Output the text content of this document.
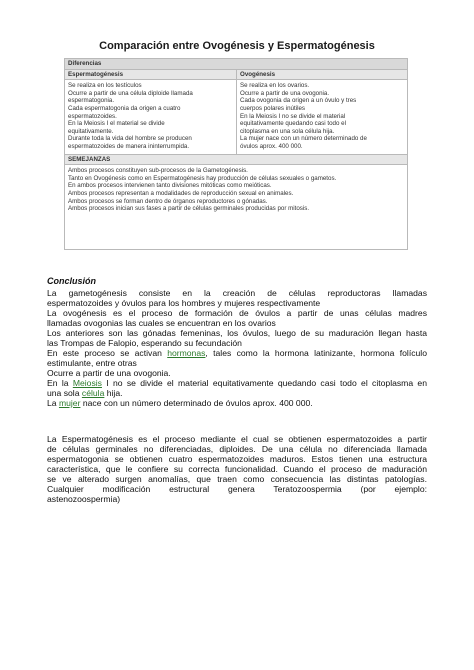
Comparación entre Ovogénesis y Espermatogénesis
Diferencias
Espermatogénesis
Se realiza en los testículos
Ocurre a partir de una célula diploide llamada
espermatogonia.
Cada espermatogonia da origen a cuatro
espermatozoides.
En la Meiosis I el material se divide
equitativamente.
Durante toda la vida del hombre se producen
espermatozoides de manera ininterrumpida.
Ovogénesis
Se realiza en los ovarios.
Ocurre a partir de una ovogonia.
Cada ovogonia da origen a un óvulo y tres
cuerpos polares inútiles
En la Meiosis I no se divide el material
equitativamente quedando casi todo el
citoplasma en una sola célula hija.
La mujer nace con un número determinado de
óvulos aprox. 400 000.
SEMEJANZAS
Ambos procesos constituyen sub-procesos de la Gametogénesis.
Tanto en Ovogénesis como en Espermatogénesis hay producción de células sexuales o gametos.
En ambos procesos intervienen tanto divisiones mitóticas como meióticas.
Ambos procesos representan a modalidades de reproducción sexual en animales.
Ambos procesos se forman dentro de órganos reproductores o gónadas.
Ambos procesos inician sus fases a partir de células germinales producidas por mitosis.
Conclusión

La gametogénesis consiste en la creación de células reproductoras llamadas

espermatozoides y óvulos para los hombres y mujeres respectivamente

La ovogénesis es el proceso de formación de óvulos a partir de unas células madres

llamadas ovogonias las cuales se encuentran en los ovarios

Los anteriores son las gónadas femeninas, los óvulos, luego de su maduración llegan hasta

las Trompas de Falopio, esperando su fecundación

En este proceso se activan hormonas, tales como la hormona latinizante, hormona folículo

estimulante, entre otras

Ocurre a partir de una ovogonia.

En la Meiosis I no se divide el material equitativamente quedando casi todo el citoplasma en

una sola célula hija.

La mujer nace con un número determinado de óvulos aprox. 400 000.

La Espermatogénesis es el proceso mediante el cual se obtienen espermatozoides a partir

de células germinales no diferenciadas, diploides. De una célula no diferenciada llamada

espermatogonia se obtienen cuatro espermatozoides maduros. Estos tienen una estructura

característica, que le confiere su correcta funcionalidad. Cuando el proceso de maduración

se ve alterado surgen anomalías, que traen como consecuencia las distintas patologías.

Cualquier modificación estructural genera Teratozoospermia (por ejemplo:

astenozoospermia)
